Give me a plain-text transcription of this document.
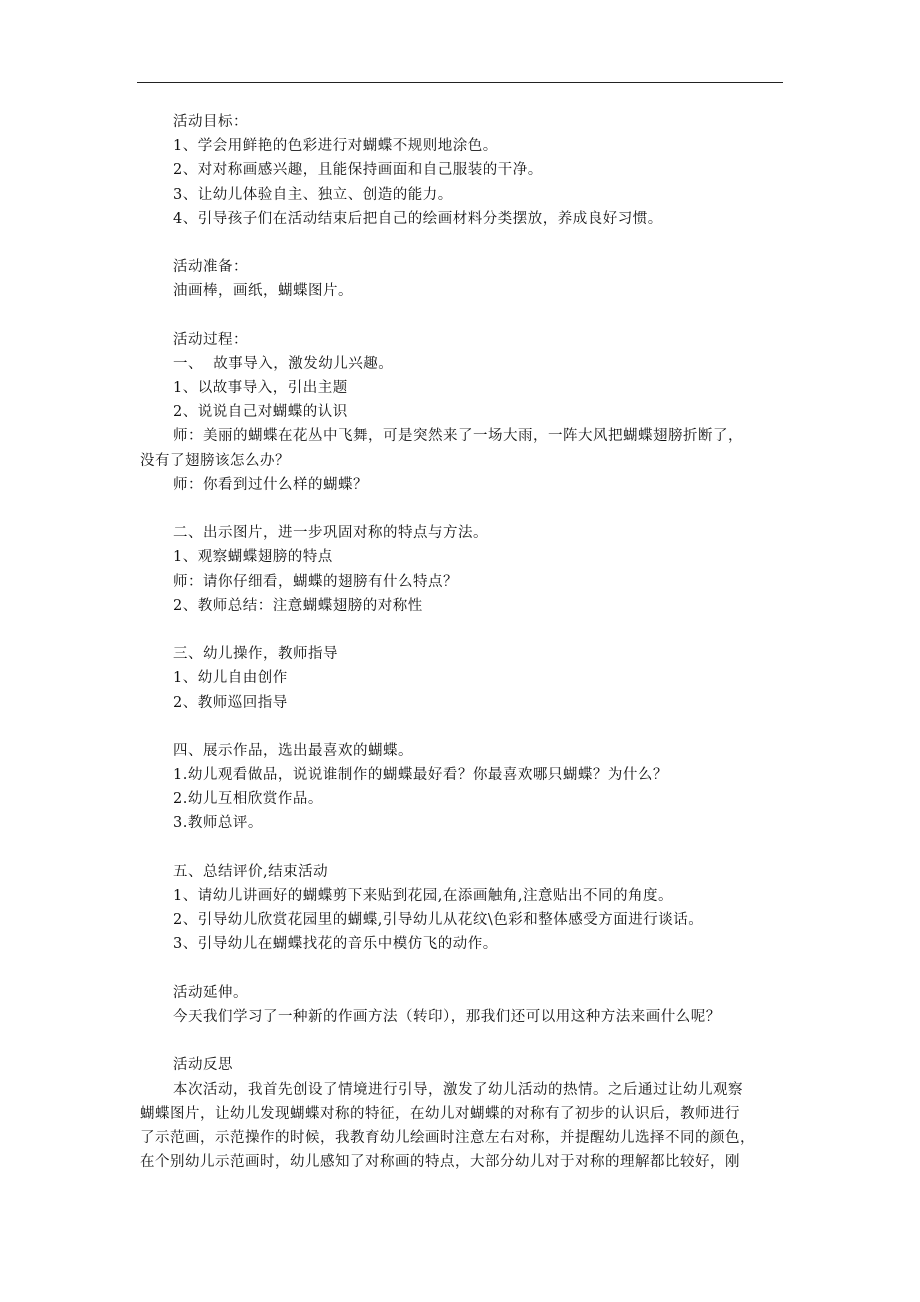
活动目标：
1、学会用鲜艳的色彩进行对蝴蝶不规则地涂色。
2、对对称画感兴趣，且能保持画面和自己服装的干净。
3、让幼儿体验自主、独立、创造的能力。
4、引导孩子们在活动结束后把自己的绘画材料分类摆放，养成良好习惯。
活动准备：
油画棒，画纸，蝴蝶图片。
活动过程：
一、  故事导入，激发幼儿兴趣。
1、以故事导入，引出主题
2、说说自己对蝴蝶的认识
师：美丽的蝴蝶在花丛中飞舞，可是突然来了一场大雨，一阵大风把蝴蝶翅膀折断了，
没有了翅膀该怎么办？
师：你看到过什么样的蝴蝶？
二、出示图片，进一步巩固对称的特点与方法。
1、观察蝴蝶翅膀的特点
师：请你仔细看，蝴蝶的翅膀有什么特点？
2、教师总结：注意蝴蝶翅膀的对称性
三、幼儿操作，教师指导
1、幼儿自由创作
2、教师巡回指导
四、展示作品，选出最喜欢的蝴蝶。
1.幼儿观看做品，说说谁制作的蝴蝶最好看？你最喜欢哪只蝴蝶？为什么？
2.幼儿互相欣赏作品。
3.教师总评。
五、总结评价,结束活动
1、请幼儿讲画好的蝴蝶剪下来贴到花园,在添画触角,注意贴出不同的角度。
2、引导幼儿欣赏花园里的蝴蝶,引导幼儿从花纹\色彩和整体感受方面进行谈话。
3、引导幼儿在蝴蝶找花的音乐中模仿飞的动作。
活动延伸。
今天我们学习了一种新的作画方法（转印），那我们还可以用这种方法来画什么呢？
活动反思
本次活动，我首先创设了情境进行引导，激发了幼儿活动的热情。之后通过让幼儿观察
蝴蝶图片，让幼儿发现蝴蝶对称的特征，在幼儿对蝴蝶的对称有了初步的认识后，教师进行
了示范画，示范操作的时候，我教育幼儿绘画时注意左右对称，并提醒幼儿选择不同的颜色，
在个别幼儿示范画时，幼儿感知了对称画的特点，大部分幼儿对于对称的理解都比较好，刚
